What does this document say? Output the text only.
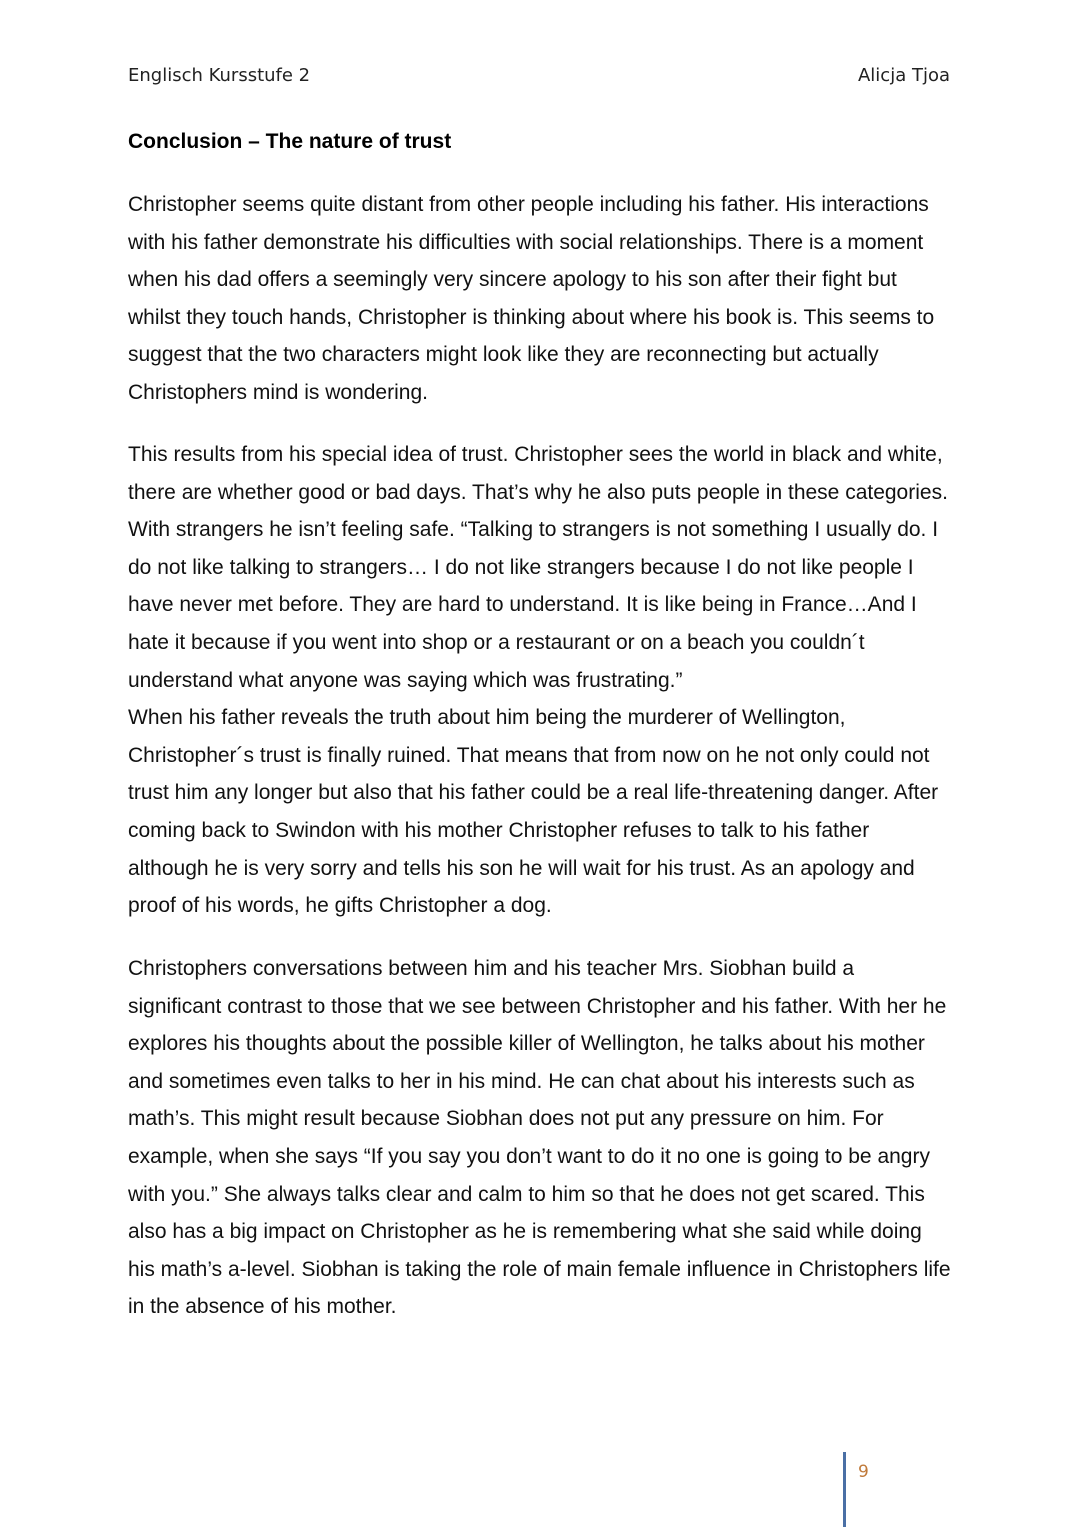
Englisch Kursstufe 2	Alicja Tjoa
Conclusion – The nature of trust

Christopher seems quite distant from other people including his father. His interactions with his father demonstrate his difficulties with social relationships. There is a moment when his dad offers a seemingly very sincere apology to his son after their fight but whilst they touch hands, Christopher is thinking about where his book is. This seems to suggest that the two characters might look like they are reconnecting but actually Christophers mind is wondering.

This results from his special idea of trust. Christopher sees the world in black and white, there are whether good or bad days. That’s why he also puts people in these categories. With strangers he isn’t feeling safe. “Talking to strangers is not something I usually do. I do not like talking to strangers… I do not like strangers because I do not like people I have never met before. They are hard to understand. It is like being in France…And I hate it because if you went into shop or a restaurant or on a beach you couldn´t understand what anyone was saying which was frustrating.”

When his father reveals the truth about him being the murderer of Wellington, Christopher´s trust is finally ruined. That means that from now on he not only could not trust him any longer but also that his father could be a real life-threatening danger. After coming back to Swindon with his mother Christopher refuses to talk to his father although he is very sorry and tells his son he will wait for his trust. As an apology and proof of his words, he gifts Christopher a dog.

Christophers conversations between him and his teacher Mrs. Siobhan build a significant contrast to those that we see between Christopher and his father. With her he explores his thoughts about the possible killer of Wellington, he talks about his mother and sometimes even talks to her in his mind. He can chat about his interests such as math’s. This might result because Siobhan does not put any pressure on him. For example, when she says “If you say you don’t want to do it no one is going to be angry with you.” She always talks clear and calm to him so that he does not get scared. This also has a big impact on Christopher as he is remembering what she said while doing his math’s a-level. Siobhan is taking the role of main female influence in Christophers life in the absence of his mother.

9
